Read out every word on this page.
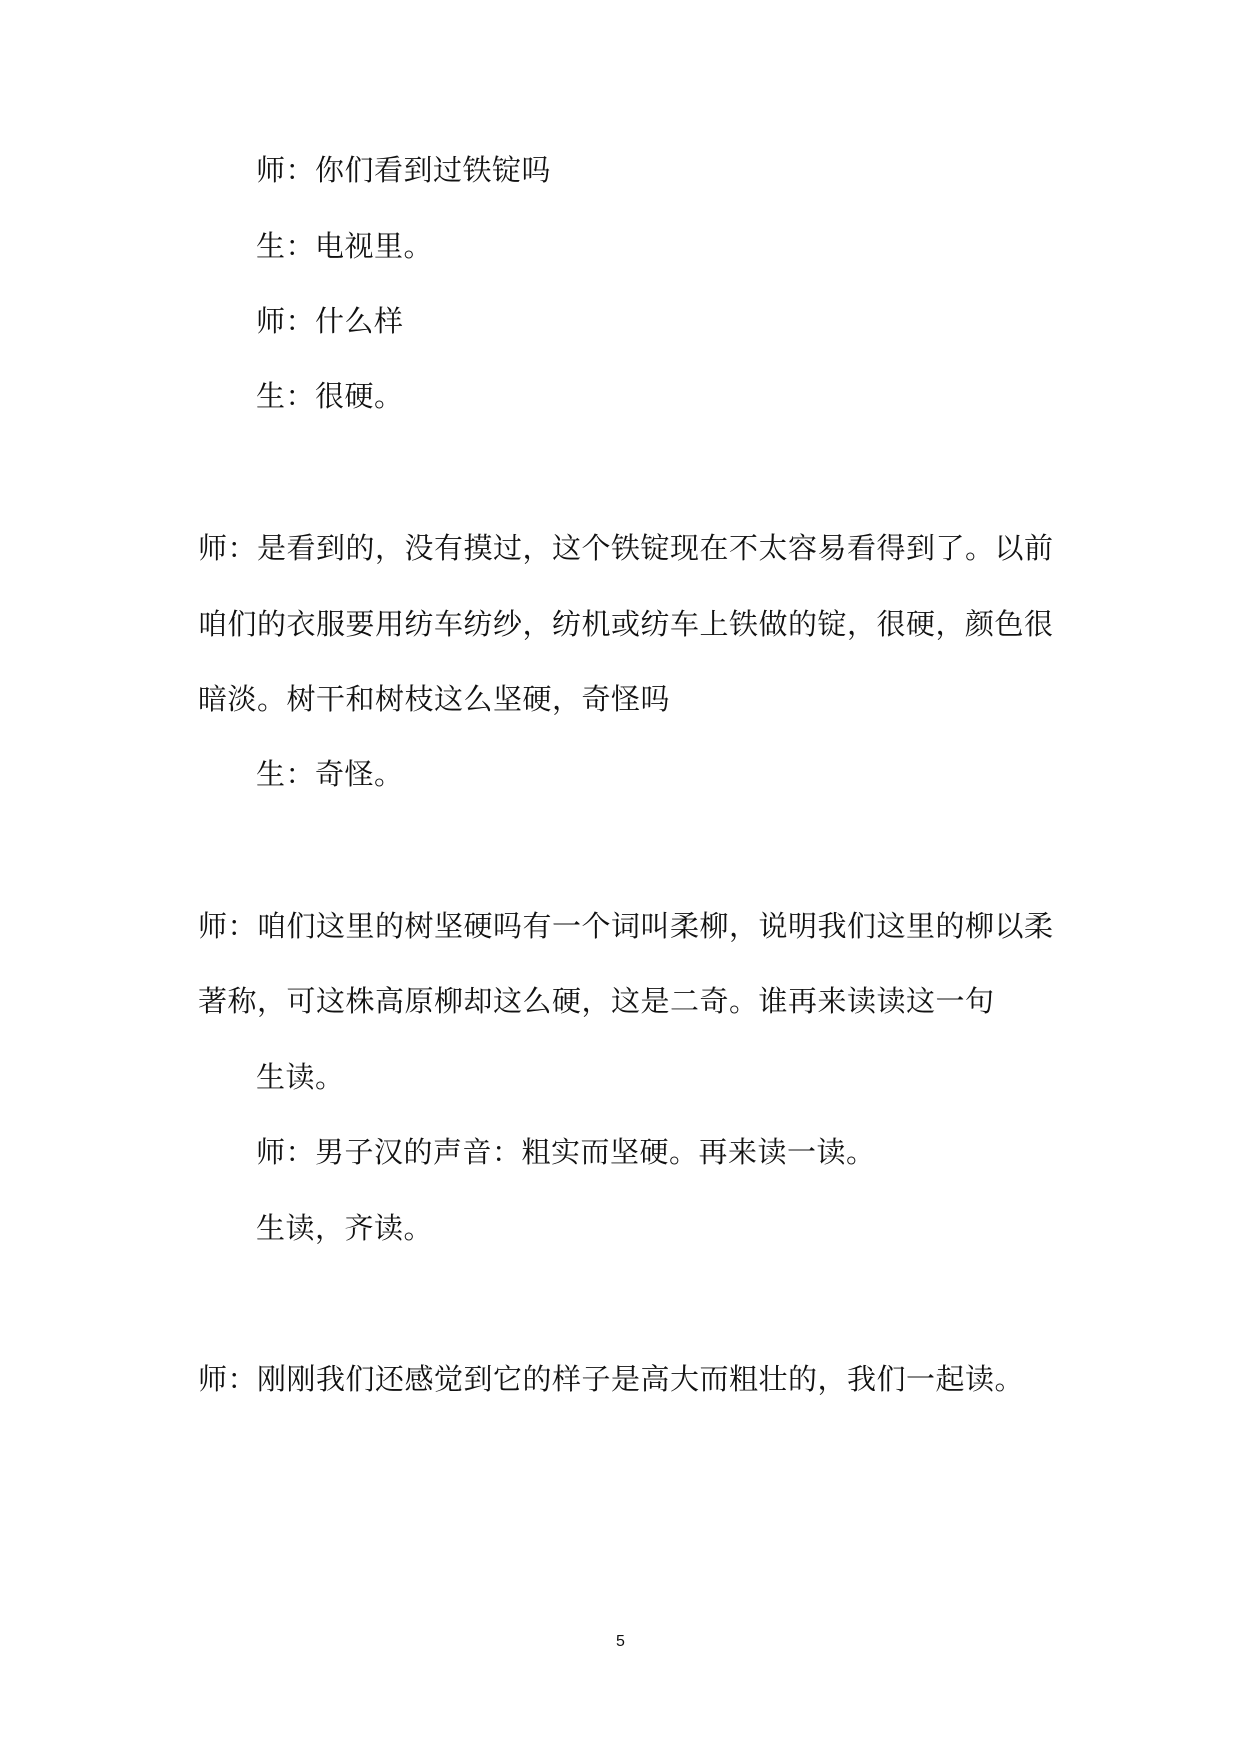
师：你们看到过铁锭吗
生：电视里。
师：什么样
生：很硬。
师：是看到的，没有摸过，这个铁锭现在不太容易看得到了。以前
咱们的衣服要用纺车纺纱，纺机或纺车上铁做的锭，很硬，颜色很
暗淡。树干和树枝这么坚硬，奇怪吗
生：奇怪。
师：咱们这里的树坚硬吗有一个词叫柔柳，说明我们这里的柳以柔
著称，可这株高原柳却这么硬，这是二奇。谁再来读读这一句
生读。
师：男子汉的声音：粗实而坚硬。再来读一读。
生读，齐读。
师：刚刚我们还感觉到它的样子是高大而粗壮的，我们一起读。
5
